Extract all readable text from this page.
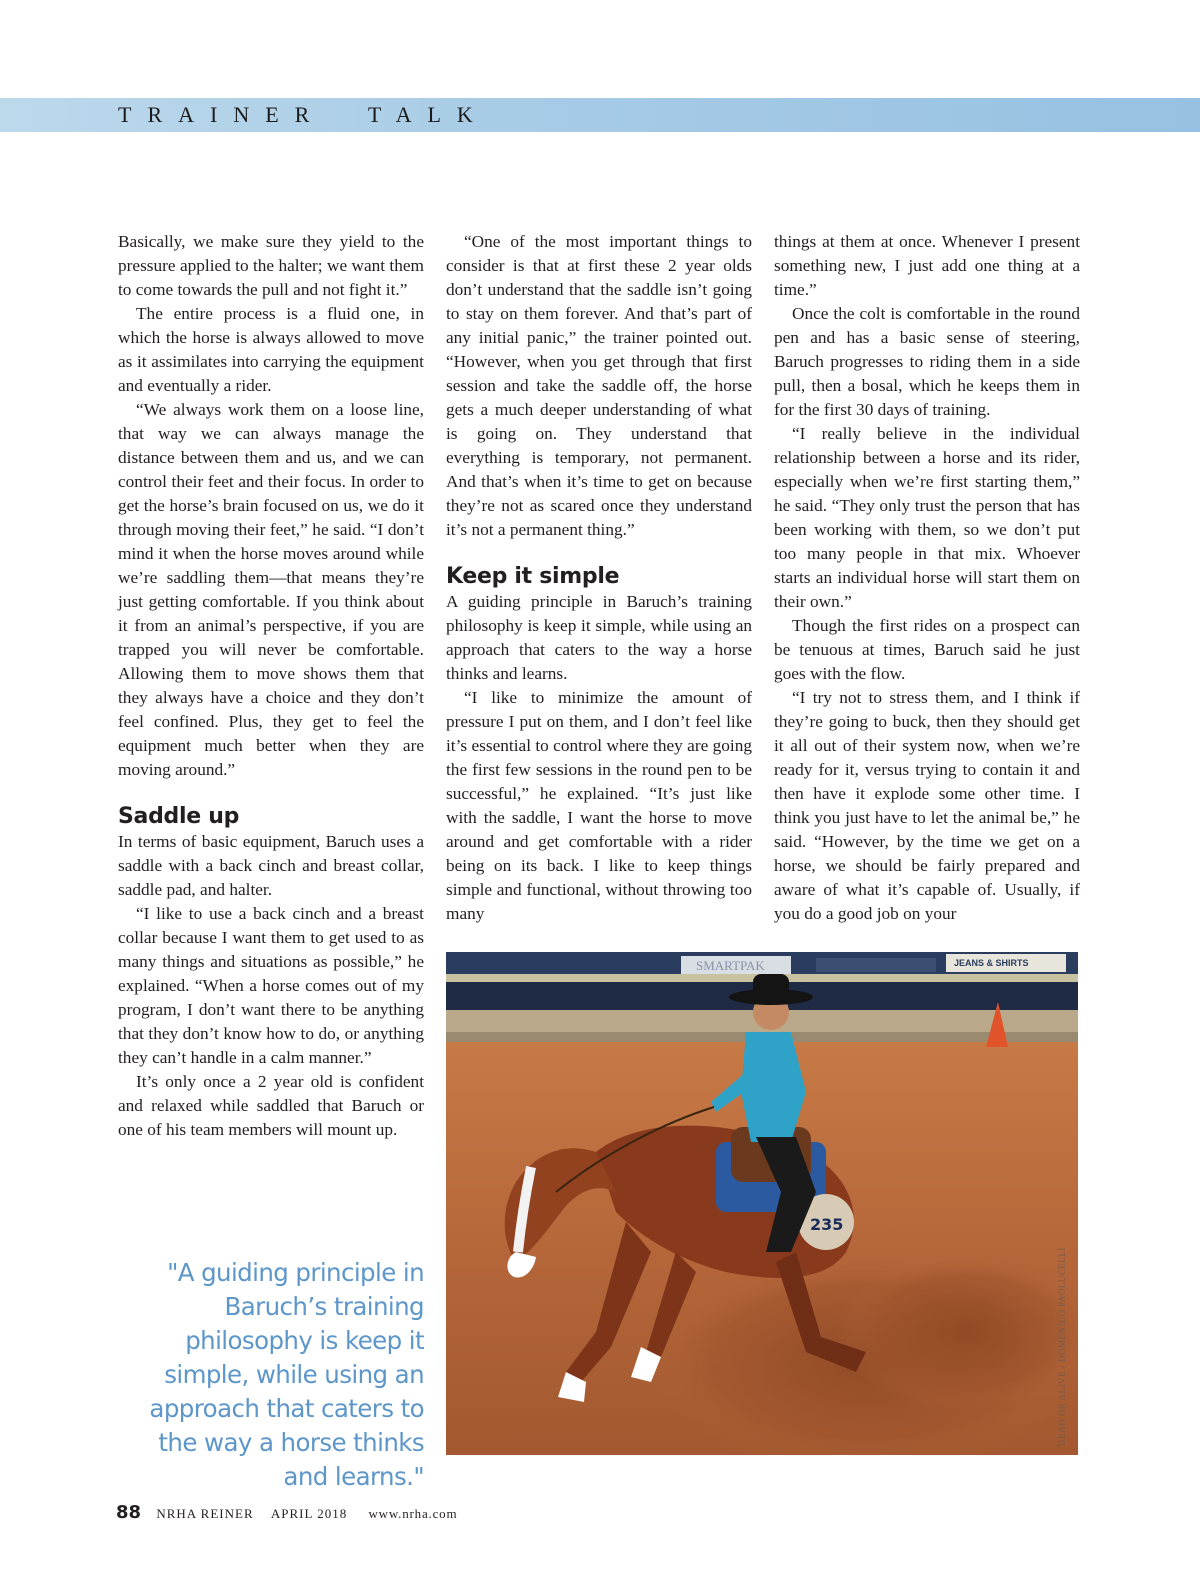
TRAINER  TALK

Basically, we make sure they yield to the pressure applied to the halter; we want them to come towards the pull and not fight it.”

The entire process is a fluid one, in which the horse is always allowed to move as it assimilates into carrying the equipment and eventually a rider.

“We always work them on a loose line, that way we can always manage the distance between them and us, and we can control their feet and their focus. In order to get the horse’s brain focused on us, we do it through moving their feet,” he said. “I don’t mind it when the horse moves around while we’re saddling them—that means they’re just getting comfortable. If you think about it from an animal’s perspective, if you are trapped you will never be comfortable. Allowing them to move shows them that they always have a choice and they don’t feel confined. Plus, they get to feel the equipment much better when they are moving around.”

Saddle up

In terms of basic equipment, Baruch uses a saddle with a back cinch and breast collar, saddle pad, and halter.

“I like to use a back cinch and a breast collar because I want them to get used to as many things and situations as possible,” he explained. “When a horse comes out of my program, I don’t want there to be anything that they don’t know how to do, or anything they can’t handle in a calm manner.”

It’s only once a 2 year old is confident and relaxed while saddled that Baruch or one of his team members will mount up.

“One of the most important things to consider is that at first these 2 year olds don’t understand that the saddle isn’t going to stay on them forever. And that’s part of any initial panic,” the trainer pointed out. “However, when you get through that first session and take the saddle off, the horse gets a much deeper understanding of what is going on. They understand that everything is temporary, not permanent. And that’s when it’s time to get on because they’re not as scared once they understand it’s not a permanent thing.”

Keep it simple

A guiding principle in Baruch’s training philosophy is keep it simple, while using an approach that caters to the way a horse thinks and learns.

“I like to minimize the amount of pressure I put on them, and I don’t feel like it’s essential to control where they are going the first few sessions in the round pen to be successful,” he explained. “It’s just like with the saddle, I want the horse to move around and get comfortable with a rider being on its back. I like to keep things simple and functional, without throwing too many

things at them at once. Whenever I present something new, I just add one thing at a time.”

Once the colt is comfortable in the round pen and has a basic sense of steering, Baruch progresses to riding them in a side pull, then a bosal, which he keeps them in for the first 30 days of training.

“I really believe in the individual relationship between a horse and its rider, especially when we’re first starting them,” he said. “They only trust the person that has been working with them, so we don’t put too many people in that mix. Whoever starts an individual horse will start them on their own.”

Though the first rides on a prospect can be tenuous at times, Baruch said he just goes with the flow.

“I try not to stress them, and I think if they’re going to buck, then they should get it all out of their system now, when we’re ready for it, versus trying to contain it and then have it explode some other time. I think you just have to let the animal be,” he said. “However, by the time we get on a horse, we should be fairly prepared and aware of what it’s capable of. Usually, if you do a good job on your

"A guiding principle in Baruch’s training philosophy is keep it simple, while using an approach that caters to the way a horse thinks and learns."
235
SMARTPAK	JEANS & SHIRTS
DEAD OR ALIVE - DOMENICO PAOLUCELLI
88 NRHA REINER APRIL 2018 www.nrha.com
